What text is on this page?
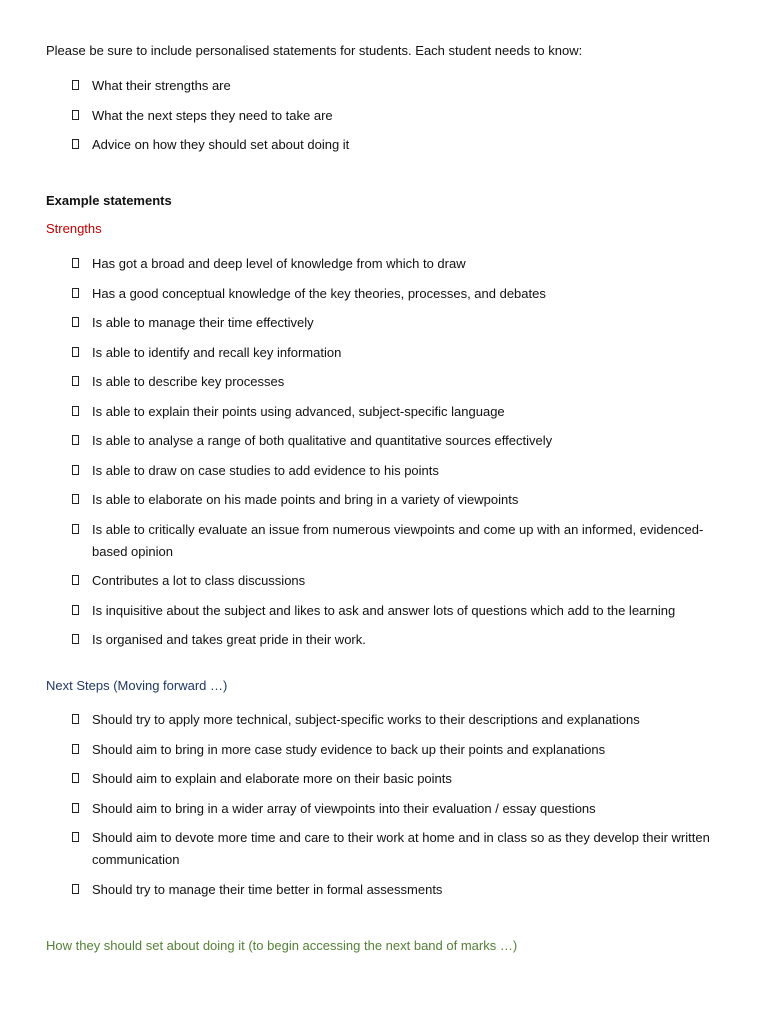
Please be sure to include personalised statements for students. Each student needs to know:

What their strengths are
What the next steps they need to take are
Advice on how they should set about doing it

Example statements

Strengths

Has got a broad and deep level of knowledge from which to draw
Has a good conceptual knowledge of the key theories, processes, and debates
Is able to manage their time effectively
Is able to identify and recall key information
Is able to describe key processes
Is able to explain their points using advanced, subject-specific language
Is able to analyse a range of both qualitative and quantitative sources effectively
Is able to draw on case studies to add evidence to his points
Is able to elaborate on his made points and bring in a variety of viewpoints
Is able to critically evaluate an issue from numerous viewpoints and come up with an informed, evidenced-based opinion
Contributes a lot to class discussions
Is inquisitive about the subject and likes to ask and answer lots of questions which add to the learning
Is organised and takes great pride in their work.

Next Steps (Moving forward …)

Should try to apply more technical, subject-specific works to their descriptions and explanations
Should aim to bring in more case study evidence to back up their points and explanations
Should aim to explain and elaborate more on their basic points
Should aim to bring in a wider array of viewpoints into their evaluation / essay questions
Should aim to devote more time and care to their work at home and in class so as they develop their written communication
Should try to manage their time better in formal assessments

How they should set about doing it (to begin accessing the next band of marks …)
